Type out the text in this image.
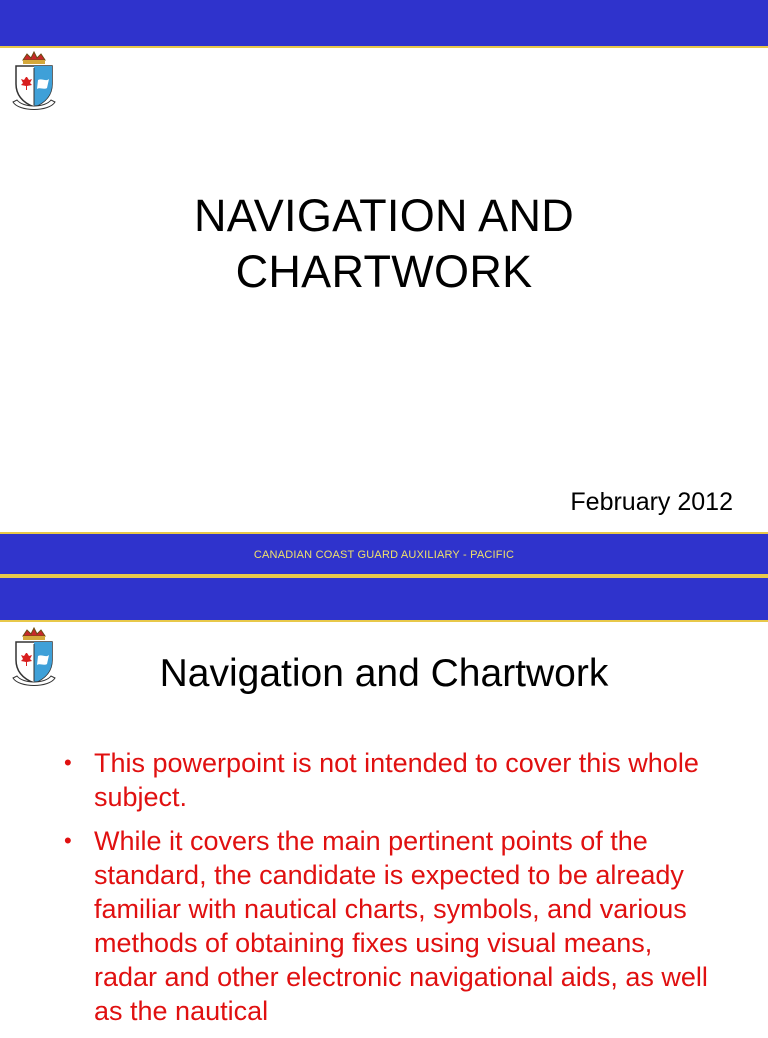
NAVIGATION AND
CHARTWORK
February 2012
CANADIAN COAST GUARD AUXILIARY - PACIFIC
Navigation and Chartwork
• This powerpoint is not intended to cover this whole subject.
• While it covers the main pertinent points of the standard, the candidate is expected to be already familiar with nautical charts, symbols, and various methods of obtaining fixes using visual means, radar and other electronic navigational aids, as well as the nautical
